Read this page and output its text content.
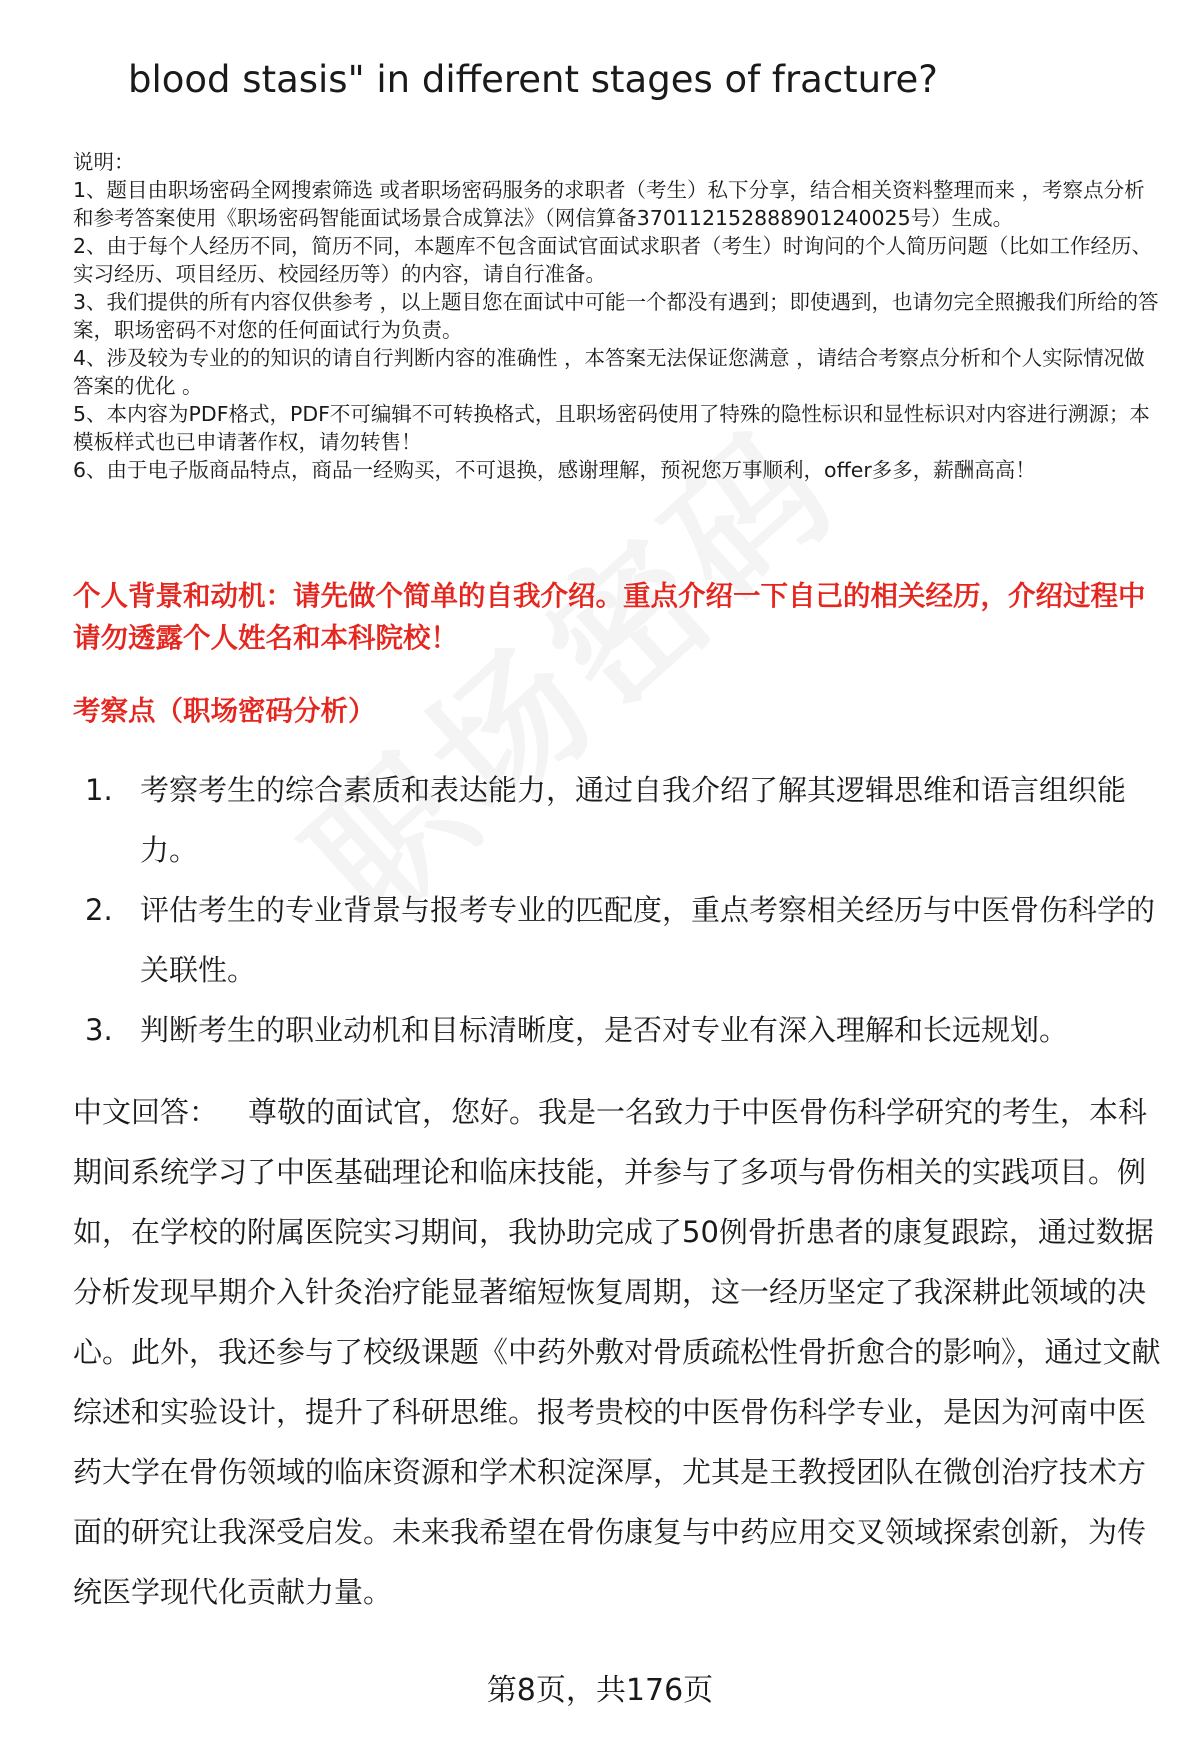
blood stasis" in different stages of fracture?

说明：

1、题目由职场密码全网搜索筛选 或者职场密码服务的求职者（考生）私下分享，结合相关资料整理而来 ，考察点分析和参考答案使用《职场密码智能面试场景合成算法》（网信算备370112152888901240025号）生成。

2、由于每个人经历不同，简历不同，本题库不包含面试官面试求职者（考生）时询问的个人简历问题（比如工作经历、实习经历、项目经历、校园经历等）的内容，请自行准备。

3、我们提供的所有内容仅供参考 ，以上题目您在面试中可能一个都没有遇到；即使遇到，也请勿完全照搬我们所给的答案，职场密码不对您的任何面试行为负责。

4、涉及较为专业的的知识的请自行判断内容的准确性 ，本答案无法保证您满意 ，请结合考察点分析和个人实际情况做答案的优化 。

5、本内容为PDF格式，PDF不可编辑不可转换格式，且职场密码使用了特殊的隐性标识和显性标识对内容进行溯源；本模板样式也已申请著作权，请勿转售！

6、由于电子版商品特点，商品一经购买，不可退换，感谢理解，预祝您万事顺利，offer多多，薪酬高高！

个人背景和动机：请先做个简单的自我介绍。重点介绍一下自己的相关经历，介绍过程中请勿透露个人姓名和本科院校！
考察点（职场密码分析）
1. 考察考生的综合素质和表达能力，通过自我介绍了解其逻辑思维和语言组织能力。
2. 评估考生的专业背景与报考专业的匹配度，重点考察相关经历与中医骨伤科学的关联性。
3. 判断考生的职业动机和目标清晰度，是否对专业有深入理解和长远规划。
中文回答： 尊敬的面试官，您好。我是一名致力于中医骨伤科学研究的考生，本科期间系统学习了中医基础理论和临床技能，并参与了多项与骨伤相关的实践项目。例如，在学校的附属医院实习期间，我协助完成了50例骨折患者的康复跟踪，通过数据分析发现早期介入针灸治疗能显著缩短恢复周期，这一经历坚定了我深耕此领域的决心。此外，我还参与了校级课题《中药外敷对骨质疏松性骨折愈合的影响》，通过文献综述和实验设计，提升了科研思维。报考贵校的中医骨伤科学专业，是因为河南中医药大学在骨伤领域的临床资源和学术积淀深厚，尤其是王教授团队在微创治疗技术方面的研究让我深受启发。未来我希望在骨伤康复与中药应用交叉领域探索创新，为传统医学现代化贡献力量。
第8页，共176页
